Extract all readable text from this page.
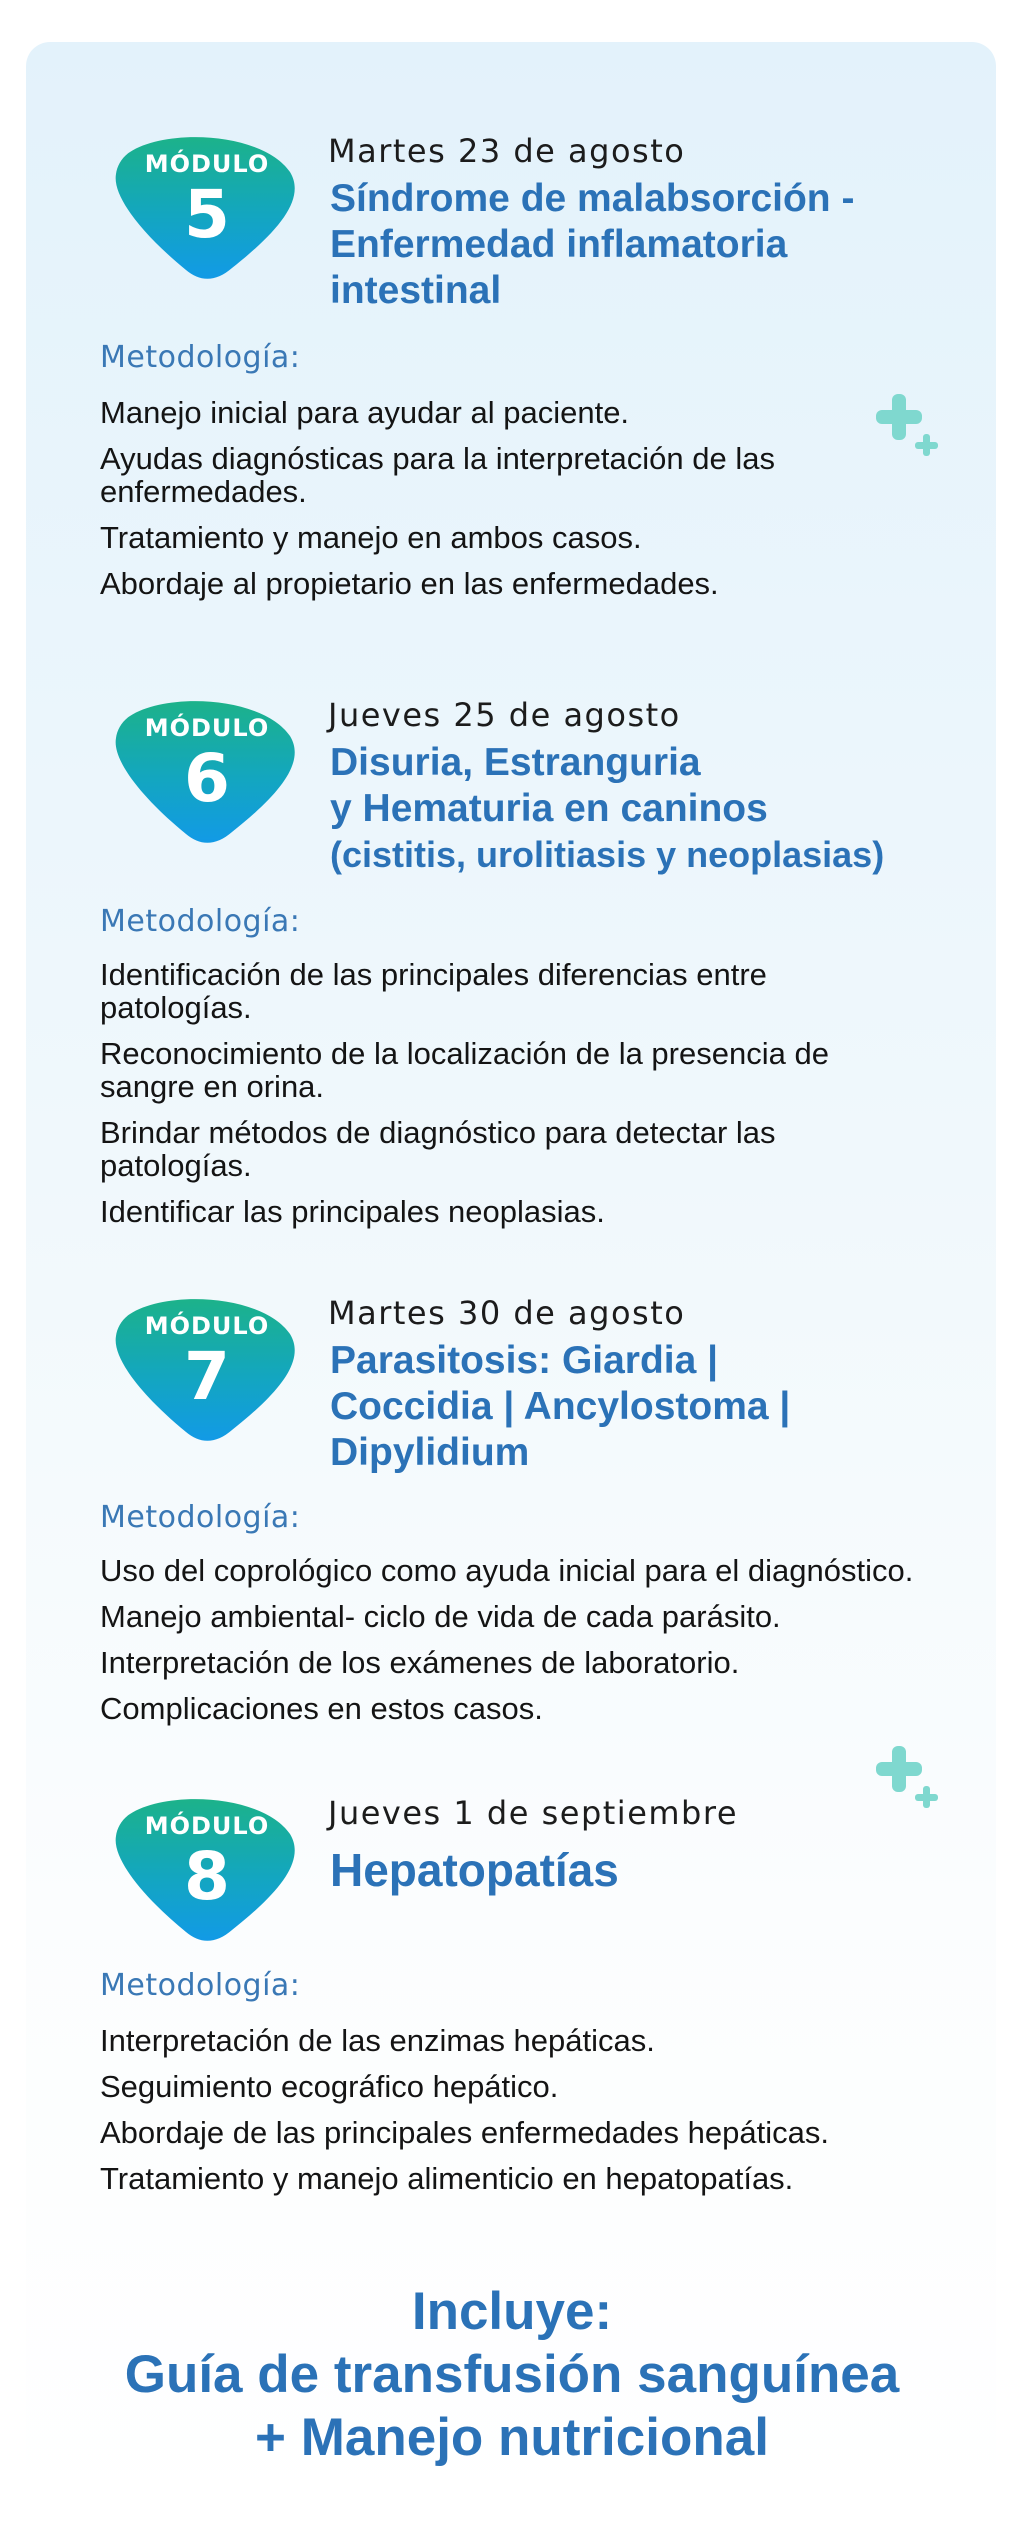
MÓDULO
5
Martes 23 de agosto
Síndrome de malabsorción -
Enfermedad inflamatoria
intestinal
Metodología:
Manejo inicial para ayudar al paciente.
Ayudas diagnósticas para la interpretación de las
enfermedades.
Tratamiento y manejo en ambos casos.
Abordaje al propietario en las enfermedades.
MÓDULO
6
Jueves 25 de agosto
Disuria, Estranguria
y Hematuria en caninos
(cistitis, urolitiasis y neoplasias)
Metodología:
Identificación de las principales diferencias entre
patologías.
Reconocimiento de la localización de la presencia de
sangre en orina.
Brindar métodos de diagnóstico para detectar las
patologías.
Identificar las principales neoplasias.
MÓDULO
7
Martes 30 de agosto
Parasitosis: Giardia |
Coccidia | Ancylostoma |
Dipylidium
Metodología:
Uso del coprológico como ayuda inicial para el diagnóstico.
Manejo ambiental- ciclo de vida de cada parásito.
Interpretación de los exámenes de laboratorio.
Complicaciones en estos casos.
MÓDULO
8
Jueves 1 de septiembre
Hepatopatías
Metodología:
Interpretación de las enzimas hepáticas.
Seguimiento ecográfico hepático.
Abordaje de las principales enfermedades hepáticas.
Tratamiento y manejo alimenticio en hepatopatías.
Incluye:
Guía de transfusión sanguínea
+ Manejo nutricional
